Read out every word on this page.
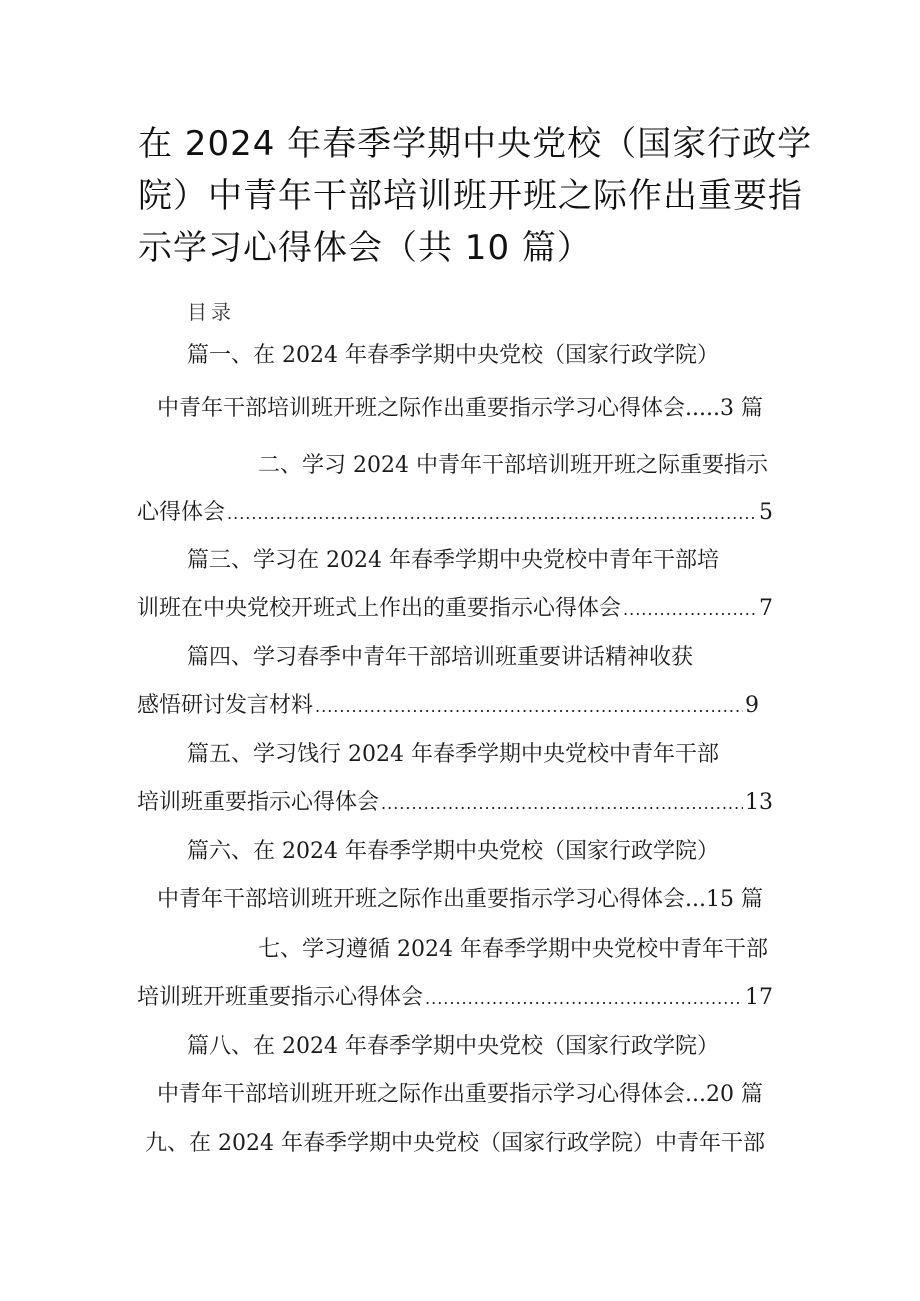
在 2024 年春季学期中央党校（国家行政学院）中青年干部培训班开班之际作出重要指示学习心得体会（共 10 篇）
目录
篇一、在 2024 年春季学期中央党校（国家行政学院）
中青年干部培训班开班之际作出重要指示学习心得体会..... 3 篇
二、学习 2024 中青年干部培训班开班之际重要指示
心得体会 .....	5
篇三、学习在 2024 年春季学期中央党校中青年干部培
训班在中央党校开班式上作出的重要指示心得体会 .....	7
篇四、学习春季中青年干部培训班重要讲话精神收获
感悟研讨发言材料 .....	9
篇五、学习饯行 2024 年春季学期中央党校中青年干部
培训班重要指示心得体会 .....	13
篇六、在 2024 年春季学期中央党校（国家行政学院）
中青年干部培训班开班之际作出重要指示学习心得体会... 15 篇
七、学习遵循 2024 年春季学期中央党校中青年干部
培训班开班重要指示心得体会 .....	17
篇八、在 2024 年春季学期中央党校（国家行政学院）
中青年干部培训班开班之际作出重要指示学习心得体会... 20 篇
九、在 2024 年春季学期中央党校（国家行政学院）中青年干部
